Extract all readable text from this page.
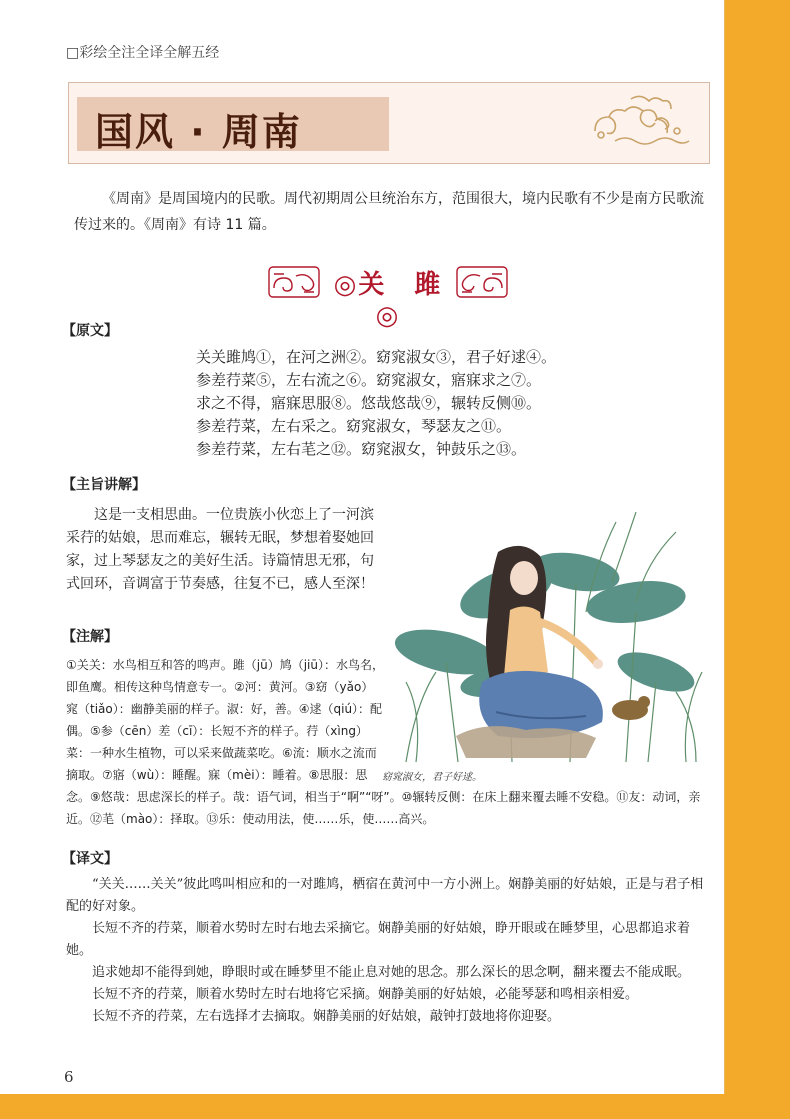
□彩绘全注全译全解五经
国风 · 周南

《周南》是周国境内的民歌。周代初期周公旦统治东方，范围很大，境内民歌有不少是南方民歌流传过来的。《周南》有诗 11 篇。

◎关　雎◎
【原文】
关关雎鸠①，在河之洲②。窈窕淑女③，君子好逑④。
参差荇菜⑤，左右流之⑥。窈窕淑女，寤寐求之⑦。
求之不得，寤寐思服⑧。悠哉悠哉⑨，辗转反侧⑩。
参差荇菜，左右采之。窈窕淑女，琴瑟友之⑪。
参差荇菜，左右芼之⑫。窈窕淑女，钟鼓乐之⑬。
【主旨讲解】

这是一支相思曲。一位贵族小伙恋上了一河滨采荇的姑娘，思而难忘，辗转无眠，梦想着娶她回家，过上琴瑟友之的美好生活。诗篇情思无邪，句式回环，音调富于节奏感，往复不已，感人至深！

【注解】

①关关：水鸟相互和答的鸣声。雎（jū）鸠（jiū）：水鸟名，即鱼鹰。相传这种鸟情意专一。②河：黄河。③窈（yǎo）窕（tiǎo）：幽静美丽的样子。淑：好，善。④逑（qiú）：配偶。⑤参（cēn）差（cī）：长短不齐的样子。荇（xìng）菜：一种水生植物，可以采来做蔬菜吃。⑥流：顺水之流而摘取。⑦寤（wù）：睡醒。寐（mèi）：睡着。⑧思服：思念。⑨悠哉：思虑深长的样子。哉：语气词，相当于“啊”“呀”。⑩辗转反侧：在床上翻来覆去睡不安稳。⑪友：动词，亲近。⑫芼（mào）：择取。⑬乐：使动用法，使……乐，使……高兴。

窈窕淑女，君子好逑。
【译文】

“关关……关关”彼此鸣叫相应和的一对雎鸠，栖宿在黄河中一方小洲上。娴静美丽的好姑娘，正是与君子相配的好对象。

长短不齐的荇菜，顺着水势时左时右地去采摘它。娴静美丽的好姑娘，睁开眼或在睡梦里，心思都追求着她。

追求她却不能得到她，睁眼时或在睡梦里不能止息对她的思念。那么深长的思念啊，翻来覆去不能成眠。

长短不齐的荇菜，顺着水势时左时右地将它采摘。娴静美丽的好姑娘，必能琴瑟和鸣相亲相爱。

长短不齐的荇菜，左右选择才去摘取。娴静美丽的好姑娘，敲钟打鼓地将你迎娶。

6
